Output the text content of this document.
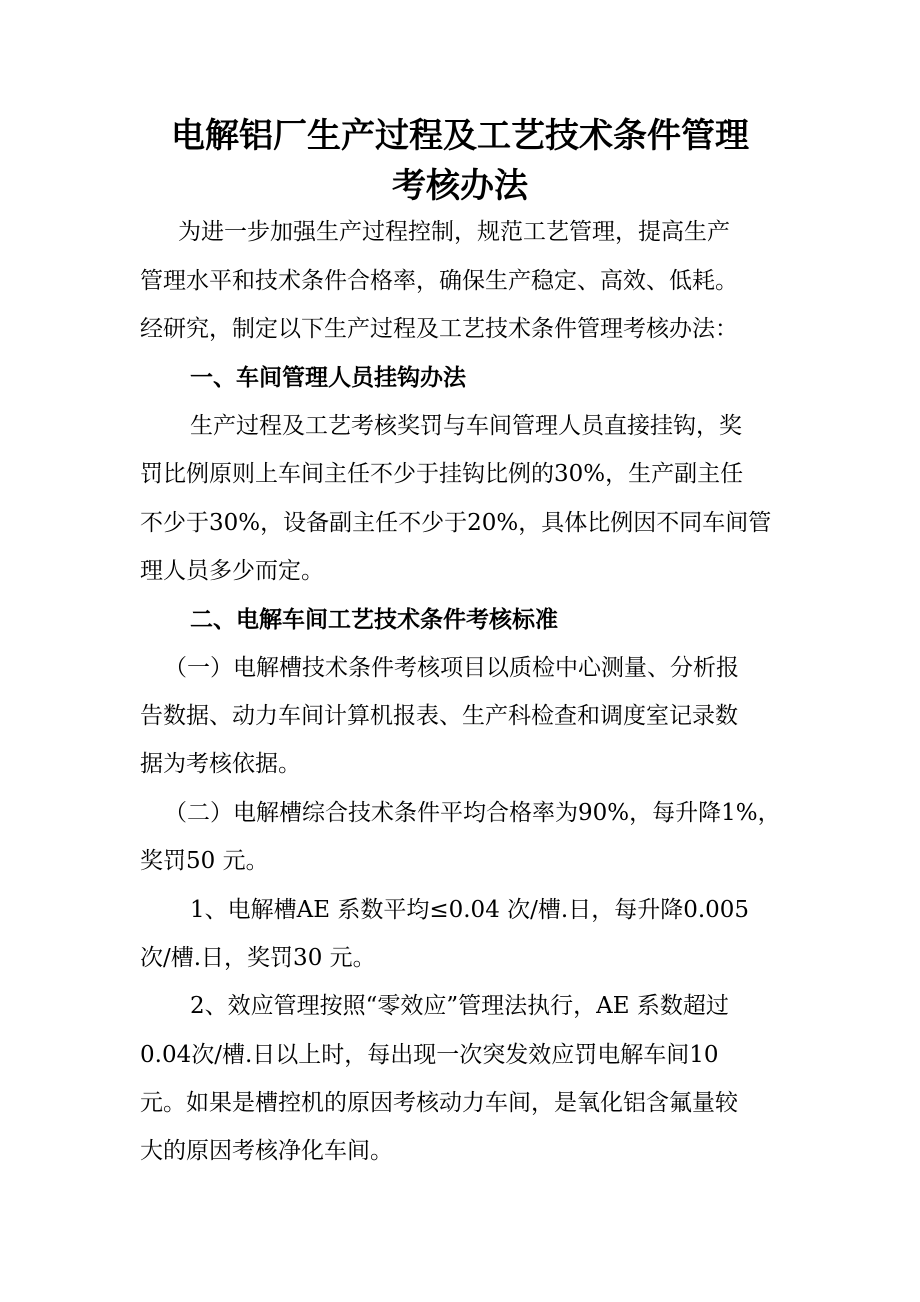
电解铝厂生产过程及工艺技术条件管理
考核办法
为进一步加强生产过程控制，规范工艺管理，提高生产
管理水平和技术条件合格率，确保生产稳定、高效、低耗。
经研究，制定以下生产过程及工艺技术条件管理考核办法：
一、车间管理人员挂钩办法
生产过程及工艺考核奖罚与车间管理人员直接挂钩，奖
罚比例原则上车间主任不少于挂钩比例的30%，生产副主任
不少于30%，设备副主任不少于20%，具体比例因不同车间管
理人员多少而定。
二、电解车间工艺技术条件考核标准
（一）电解槽技术条件考核项目以质检中心测量、分析报
告数据、动力车间计算机报表、生产科检查和调度室记录数
据为考核依据。
（二）电解槽综合技术条件平均合格率为90%，每升降1%，
奖罚50 元。
1、电解槽AE 系数平均≤0.04 次/槽.日，每升降0.005
次/槽.日，奖罚30 元。
2、效应管理按照“零效应”管理法执行，AE 系数超过
0.04次/槽.日以上时，每出现一次突发效应罚电解车间10
元。如果是槽控机的原因考核动力车间，是氧化铝含氟量较
大的原因考核净化车间。
